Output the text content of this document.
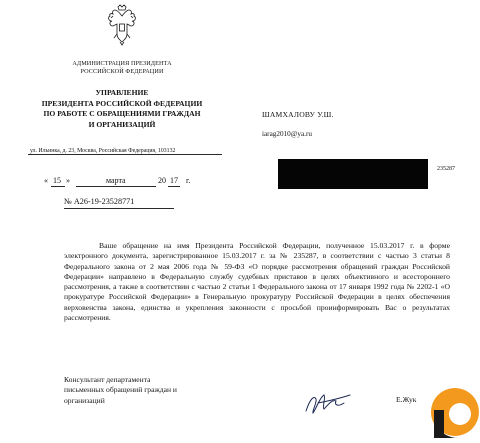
АДМИНИСТРАЦИЯ ПРЕЗИДЕНТА
РОССИЙСКОЙ ФЕДЕРАЦИИ
УПРАВЛЕНИЕ
ПРЕЗИДЕНТА РОССИЙСКОЙ ФЕДЕРАЦИИ
ПО РАБОТЕ С ОБРАЩЕНИЯМИ ГРАЖДАН
И ОРГАНИЗАЦИЙ
ул. Ильинка, д. 23, Москва, Российская Федерация, 103132
ШАМХАЛОВУ У.Ш.
iarag2010@ya.ru
235287
« 15 »	марта	20 17 г.
№ А26-19-23528771
Ваше обращение на имя Президента Российской Федерации, полученное 15.03.2017 г. в форме электронного документа, зарегистрированное 15.03.2017 г. за № 235287, в соответствии с частью 3 статьи 8 Федерального закона от 2 мая 2006 года № 59-ФЗ «О порядке рассмотрения обращений граждан Российской Федерации» направлено в Федеральную службу судебных приставов в целях объективного и всестороннего рассмотрения, а также в соответствии с частью 2 статьи 1 Федерального закона от 17 января 1992 года № 2202-1 «О прокуратуре Российской Федерации» в Генеральную прокуратуру Российской Федерации в целях обеспечения верховенства закона, единства и укрепления законности с просьбой проинформировать Вас о результатах рассмотрения.
Консультант департамента
письменных обращений граждан и
организаций	Е.Жук
